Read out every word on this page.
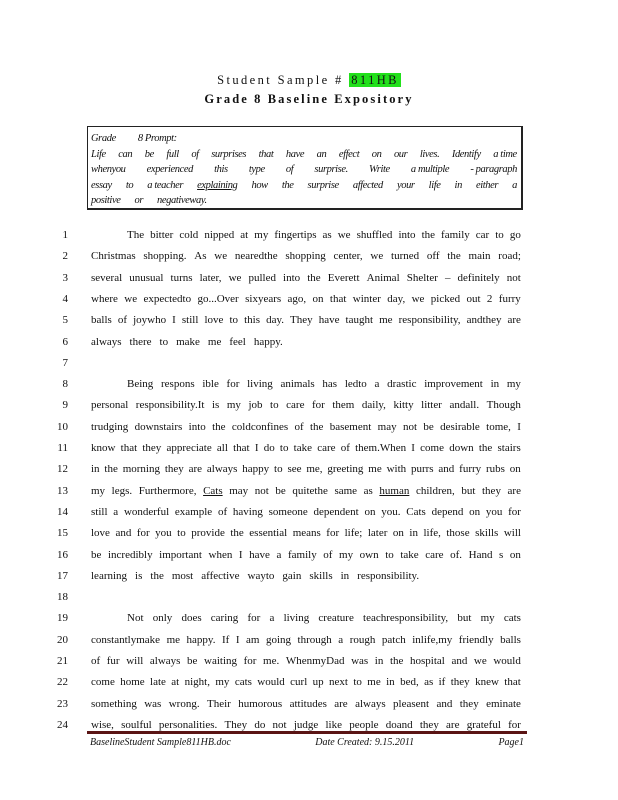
Student Sample # 811HB
Grade 8 Baseline Expository
Grade 8 Prompt:
Life can be full of surprises that have an effect on our lives. Identify a time
whenyou experienced this type of surprise. Write a multiple - paragraph
essay to a teacher explaining how the surprise affected your life in either a
positive or negativeway.
1	The bitter cold nipped at my fingertips as we shuffled into the family car to go
2 Christmas shopping. As we nearedthe shopping center, we turned off the main road;
3 several unusual turns later, we pulled into the Everett Animal Shelter – definitely not
4 where we expectedto go...Over sixyears ago, on that winter day, we picked out 2 furry
5 balls of joywho I still love to this day. They have taught me responsibility, andthey are
6 always there to make me feel happy.
7
8	Being respons ible for living animals has ledto a drastic improvement in my
9 personal responsibility.It is my job to care for them daily, kitty litter andall. Though
10 trudging downstairs into the coldconfines of the basement may not be desirable tome, I
11 know that they appreciate all that I do to take care of them.When I come down the stairs
12 in the morning they are always happy to see me, greeting me with purrs and furry rubs on
13 my legs. Furthermore, Cats may not be quitethe same as human children, but they are
14 still a wonderful example of having someone dependent on you. Cats depend on you for
15 love and for you to provide the essential means for life; later on in life, those skills will
16 be incredibly important when I have a family of my own to take care of. Hand s on
17 learning is the most affective wayto gain skills in responsibility.
18
19	Not only does caring for a living creature teachresponsibility, but my cats
20 constantlymake me happy. If I am going through a rough patch inlife,my friendly balls
21 of fur will always be waiting for me. WhenmyDad was in the hospital and we would
22 come home late at night, my cats would curl up next to me in bed, as if they knew that
23 something was wrong. Their humorous attitudes are always pleasent and they eminate
24 wise, soulful personalities. They do not judge like people doand they are grateful for
BaselineStudent Sample811HB.doc	Date Created: 9.15.2011	Page1
